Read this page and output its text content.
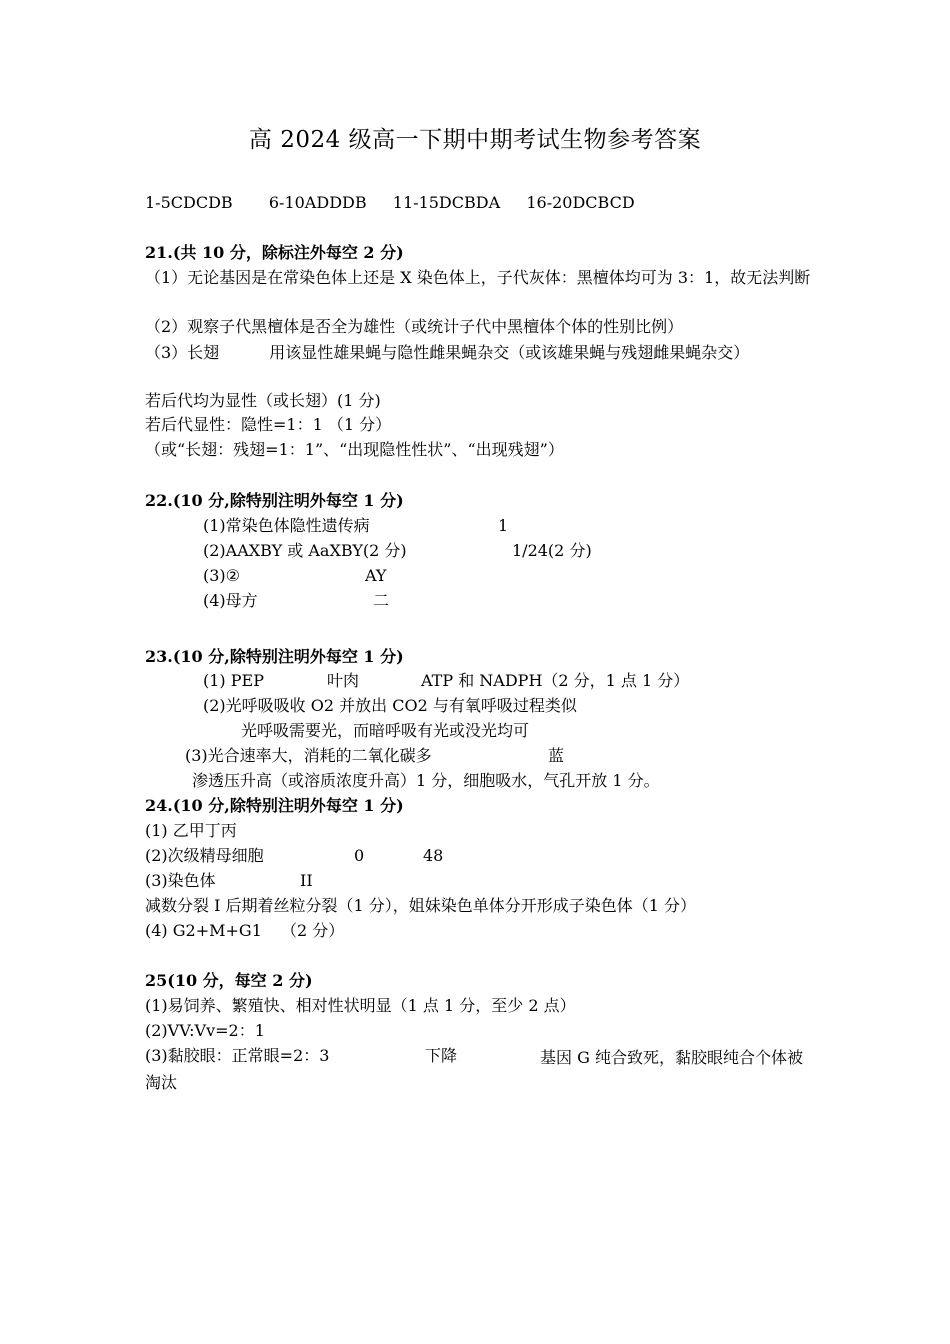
高 2024 级高一下期中期考试生物参考答案
1-5CDCDB 6-10ADDDB 11-15DCBDA 16-20DCBCD
21.(共 10 分，除标注外每空 2 分)
（1）无论基因是在常染色体上还是 X 染色体上，子代灰体：黑檀体均可为 3：1，故无法判断
（2）观察子代黑檀体是否全为雄性（或统计子代中黑檀体个体的性别比例）
（3）长翅	用该显性雄果蝇与隐性雌果蝇杂交（或该雄果蝇与残翅雌果蝇杂交）
若后代均为显性（或长翅）(1 分)
若后代显性：隐性=1：1 （1 分）
（或“长翅：残翅=1：1”、“出现隐性性状”、“出现残翅”）
22.(10 分,除特别注明外每空 1 分)
(1)常染色体隐性遗传病	1
(2)AAXBY 或 AaXBY(2 分)	1/24(2 分)
(3)②	AY
(4)母方	二
23.(10 分,除特别注明外每空 1 分)
(1) PEP	叶肉	ATP 和 NADPH（2 分，1 点 1 分）
(2)光呼吸吸收 O2 并放出 CO2 与有氧呼吸过程类似
光呼吸需要光，而暗呼吸有光或没光均可
(3)光合速率大，消耗的二氧化碳多	蓝
渗透压升高（或溶质浓度升高）1 分，细胞吸水，气孔开放 1 分。
24.(10 分,除特别注明外每空 1 分)
(1) 乙甲丁丙
(2)次级精母细胞	0	48
(3)染色体	II
减数分裂 I 后期着丝粒分裂（1 分），姐妹染色单体分开形成子染色体（1 分）
(4) G2+M+G1 （2 分）
25(10 分，每空 2 分)
(1)易饲养、繁殖快、相对性状明显（1 点 1 分，至少 2 点）
(2)VV:Vv=2：1
(3)黏胶眼：正常眼=2：3	下降	基因 G 纯合致死，黏胶眼纯合个体被淘汰
